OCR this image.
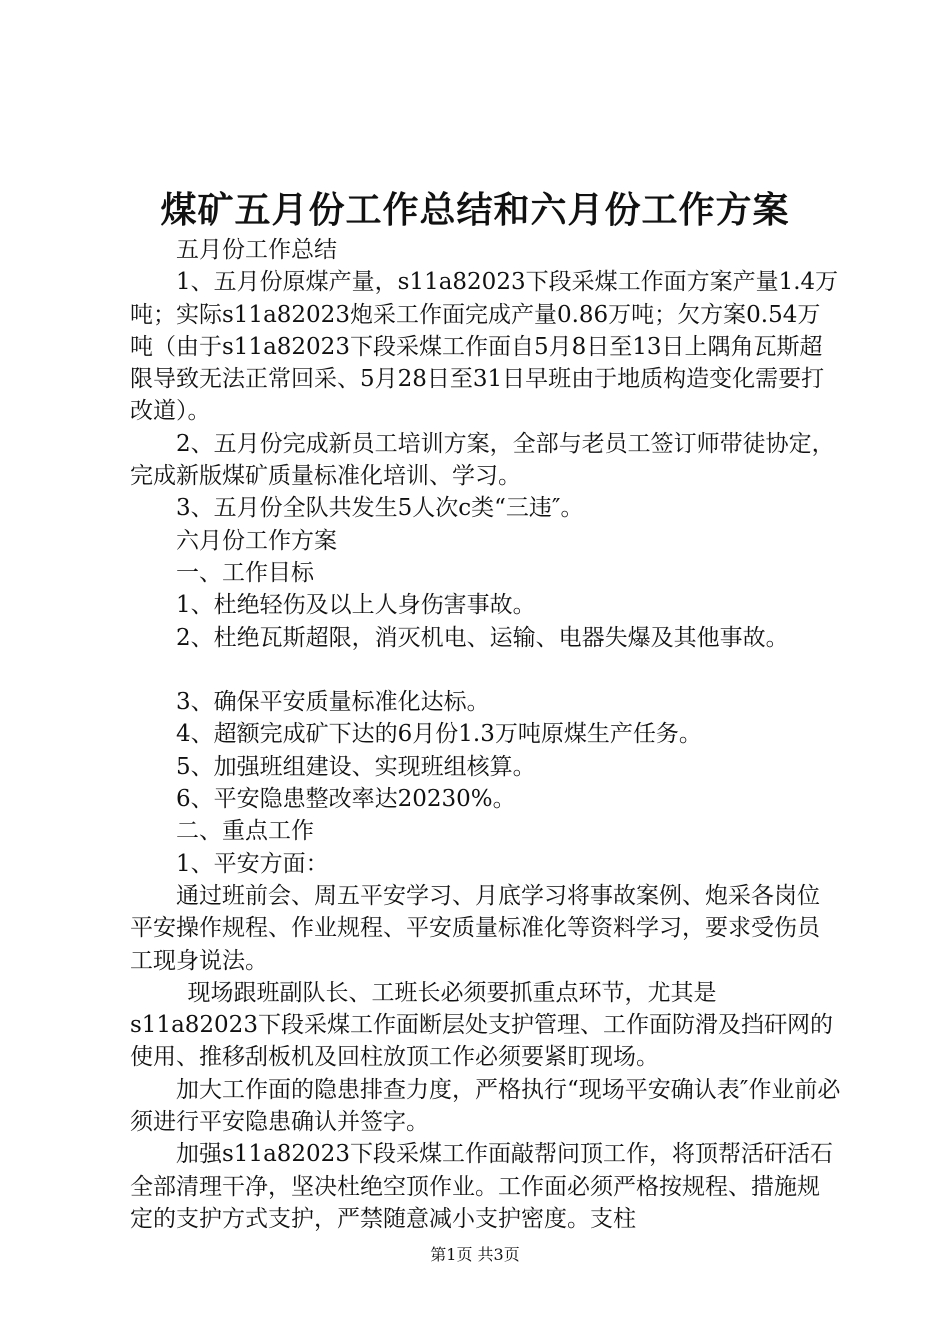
煤矿五月份工作总结和六月份工作方案

五月份工作总结

1、五月份原煤产量，s11a82023下段采煤工作面方案产量1.4万吨；实际s11a82023炮采工作面完成产量0.86万吨；欠方案0.54万吨（由于s11a82023下段采煤工作面自5月8日至13日上隅角瓦斯超限导致无法正常回采、5月28日至31日早班由于地质构造变化需要打改道）。

2、五月份完成新员工培训方案，全部与老员工签订师带徒协定，完成新版煤矿质量标准化培训、学习。

3、五月份全队共发生5人次c类“三违″。

六月份工作方案

一、工作目标

1、杜绝轻伤及以上人身伤害事故。

2、杜绝瓦斯超限，消灭机电、运输、电器失爆及其他事故。

3、确保平安质量标准化达标。

4、超额完成矿下达的6月份1.3万吨原煤生产任务。

5、加强班组建设、实现班组核算。

6、平安隐患整改率达20230%。

二、重点工作

1、平安方面：

通过班前会、周五平安学习、月底学习将事故案例、炮采各岗位平安操作规程、作业规程、平安质量标准化等资料学习，要求受伤员工现身说法。

现场跟班副队长、工班长必须要抓重点环节，尤其是s11a82023下段采煤工作面断层处支护管理、工作面防滑及挡矸网的使用、推移刮板机及回柱放顶工作必须要紧盯现场。

加大工作面的隐患排查力度，严格执行“现场平安确认表″作业前必须进行平安隐患确认并签字。

加强s11a82023下段采煤工作面敲帮问顶工作，将顶帮活矸活石全部清理干净，坚决杜绝空顶作业。工作面必须严格按规程、措施规定的支护方式支护，严禁随意减小支护密度。支柱

第1页 共3页
